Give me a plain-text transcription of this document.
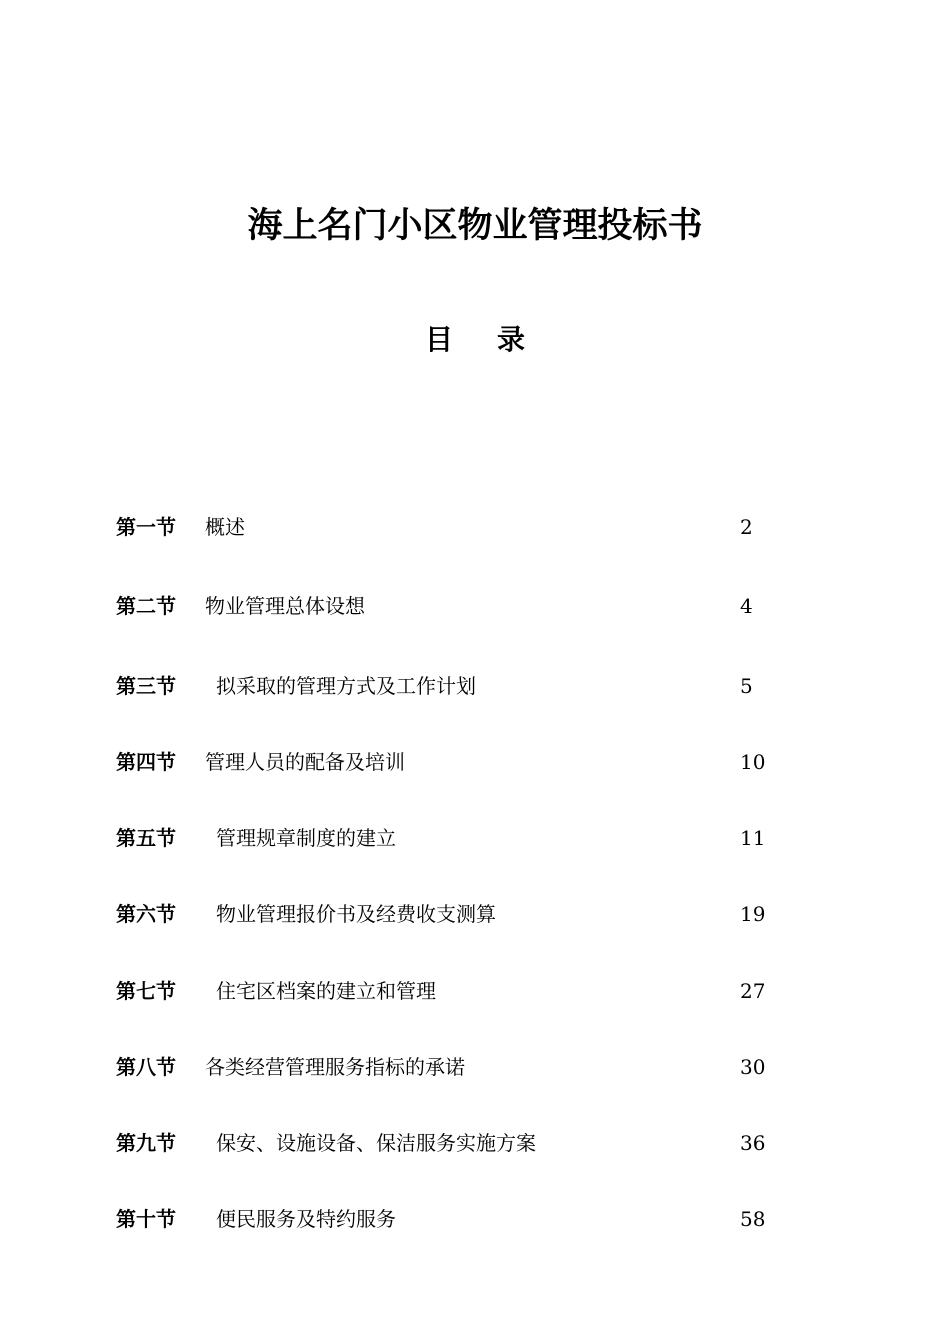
海上名门小区物业管理投标书
目 录
第一节 概述	2
第二节 物业管理总体设想	4
第三节 拟采取的管理方式及工作计划	5
第四节 管理人员的配备及培训	10
第五节 管理规章制度的建立	11
第六节 物业管理报价书及经费收支测算	19
第七节 住宅区档案的建立和管理	27
第八节 各类经营管理服务指标的承诺	30
第九节 保安、设施设备、保洁服务实施方案	36
第十节 便民服务及特约服务	58
